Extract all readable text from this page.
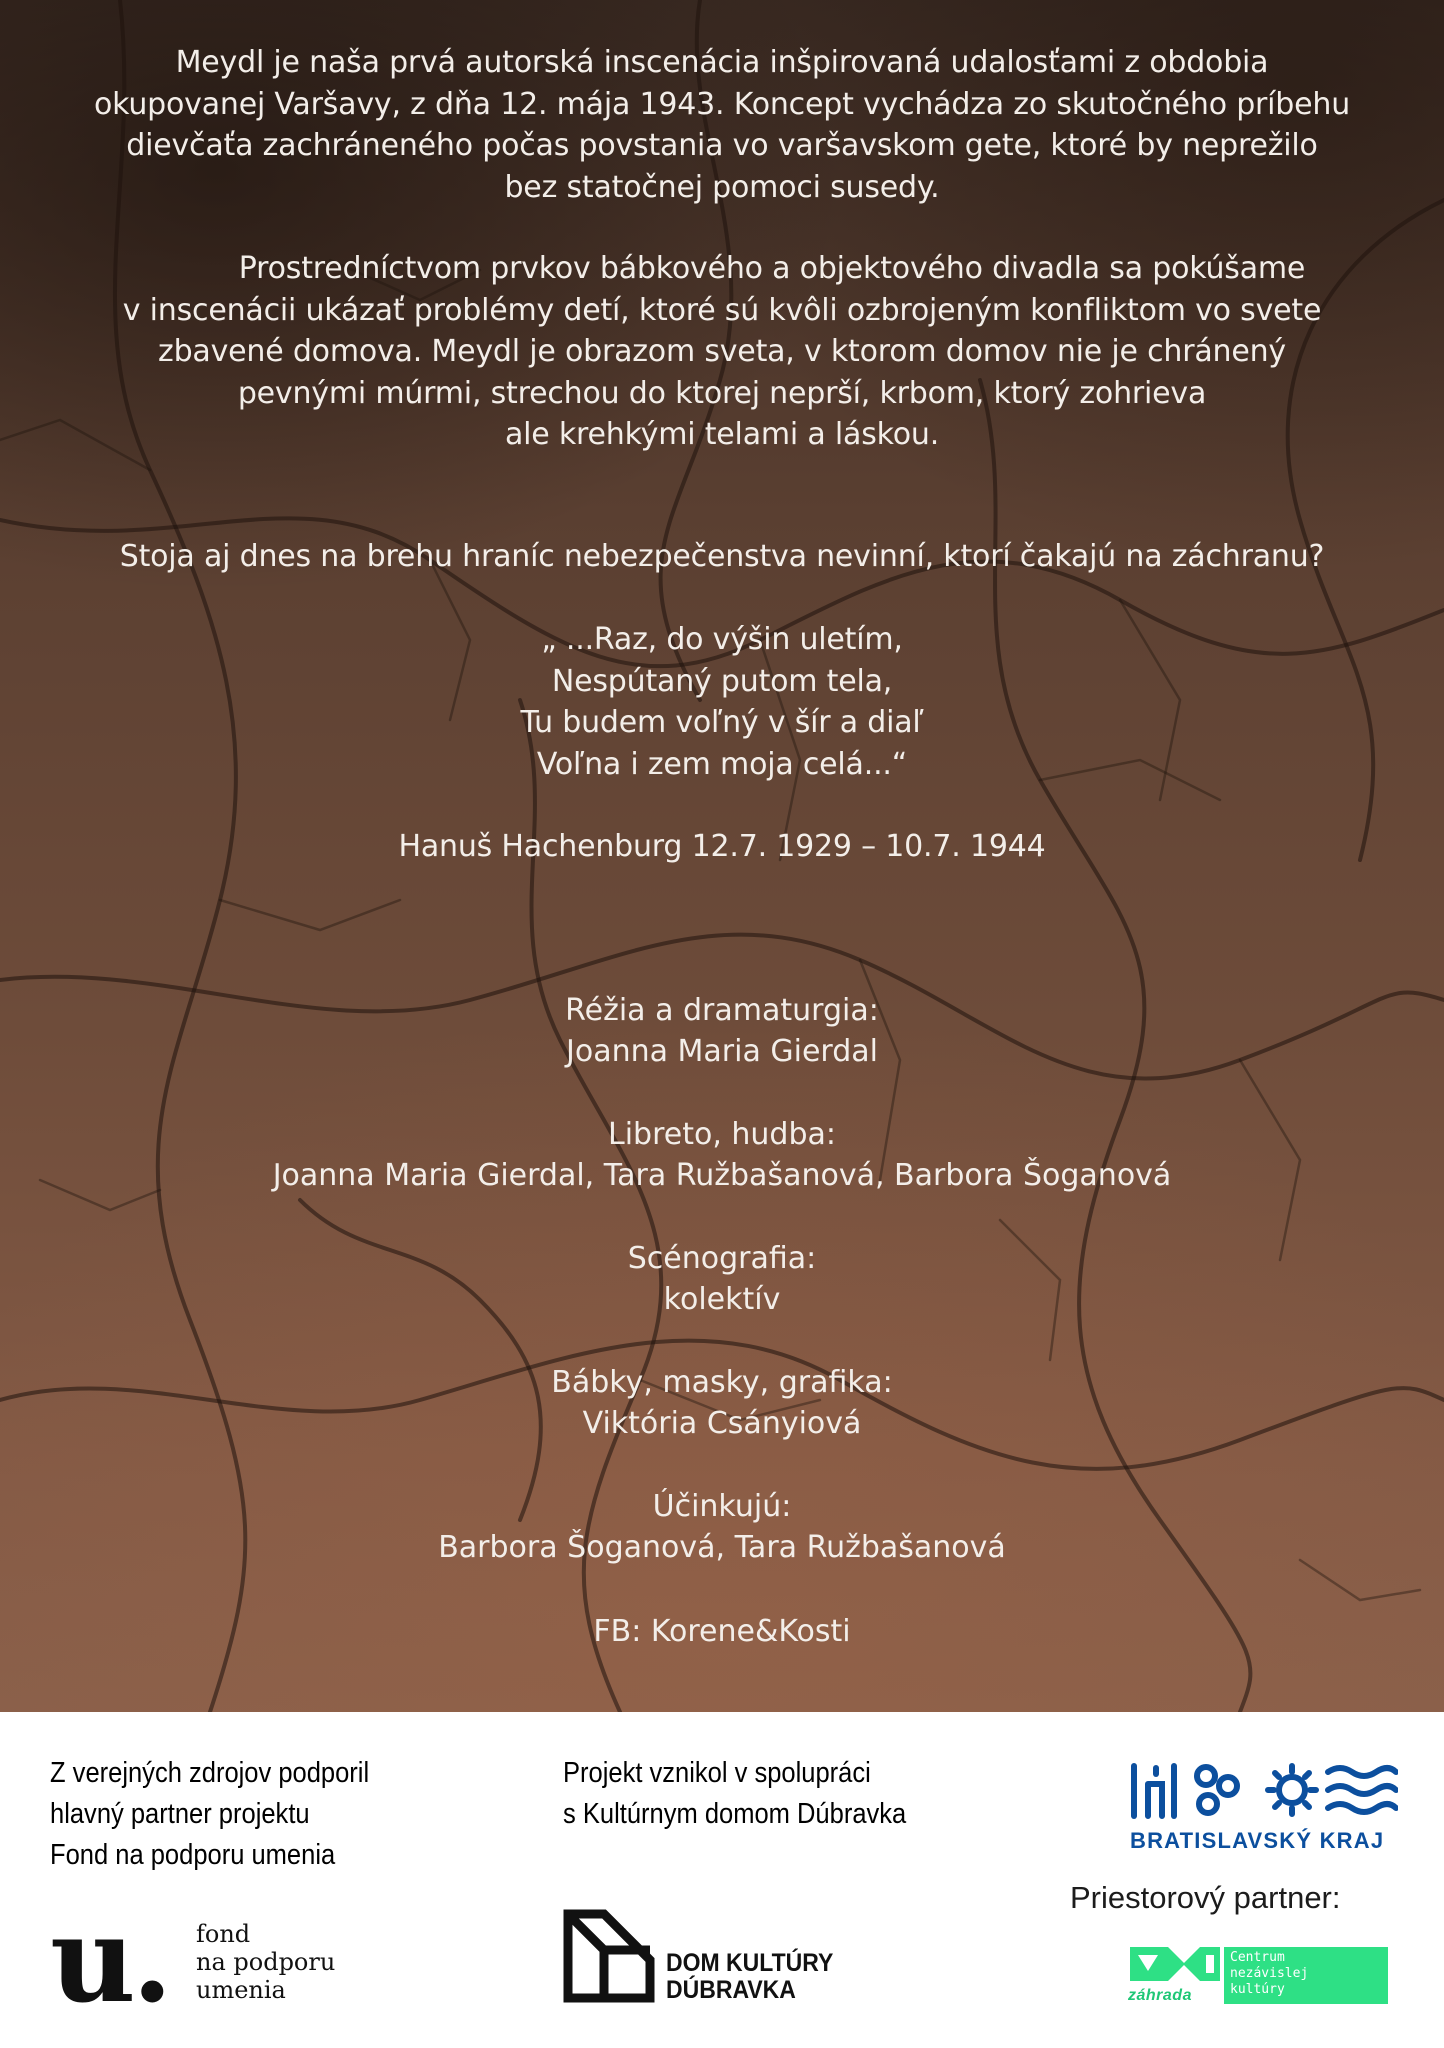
Meydl je naša prvá autorská inscenácia inšpirovaná udalosťami z obdobia
okupovanej Varšavy, z dňa 12. mája 1943. Koncept vychádza zo skutočného príbehu
dievčaťa zachráneného počas povstania vo varšavskom gete, ktoré by neprežilo
bez statočnej pomoci susedy.
Prostredníctvom prvkov bábkového a objektového divadla sa pokúšame
v inscenácii ukázať problémy detí, ktoré sú kvôli ozbrojeným konfliktom vo svete
zbavené domova. Meydl je obrazom sveta, v ktorom domov nie je chránený
pevnými múrmi, strechou do ktorej neprší, krbom, ktorý zohrieva
ale krehkými telami a láskou.
Stoja aj dnes na brehu hraníc nebezpečenstva nevinní, ktorí čakajú na záchranu?
„ ...Raz, do výšin uletím,
Nespútaný putom tela,
Tu budem voľný v šír a diaľ
Voľna i zem moja celá...“
Hanuš Hachenburg 12.7. 1929 – 10.7. 1944
Réžia a dramaturgia:
Joanna Maria Gierdal
Libreto, hudba:
Joanna Maria Gierdal, Tara Ružbašanová, Barbora Šoganová
Scénografia:
kolektív
Bábky, masky, grafika:
Viktória Csányiová
Účinkujú:
Barbora Šoganová, Tara Ružbašanová
FB: Korene&Kosti
Z verejných zdrojov podporil
hlavný partner projektu
Fond na podporu umenia
Projekt vznikol v spolupráci
s Kultúrnym domom Dúbravka
u. fond
na podporu
umenia
DOM KULTÚRY
DÚBRAVKA
BRATISLAVSKÝ KRAJ
Priestorový partner:
záhrada
Centrum
nezávislej
kultúry
